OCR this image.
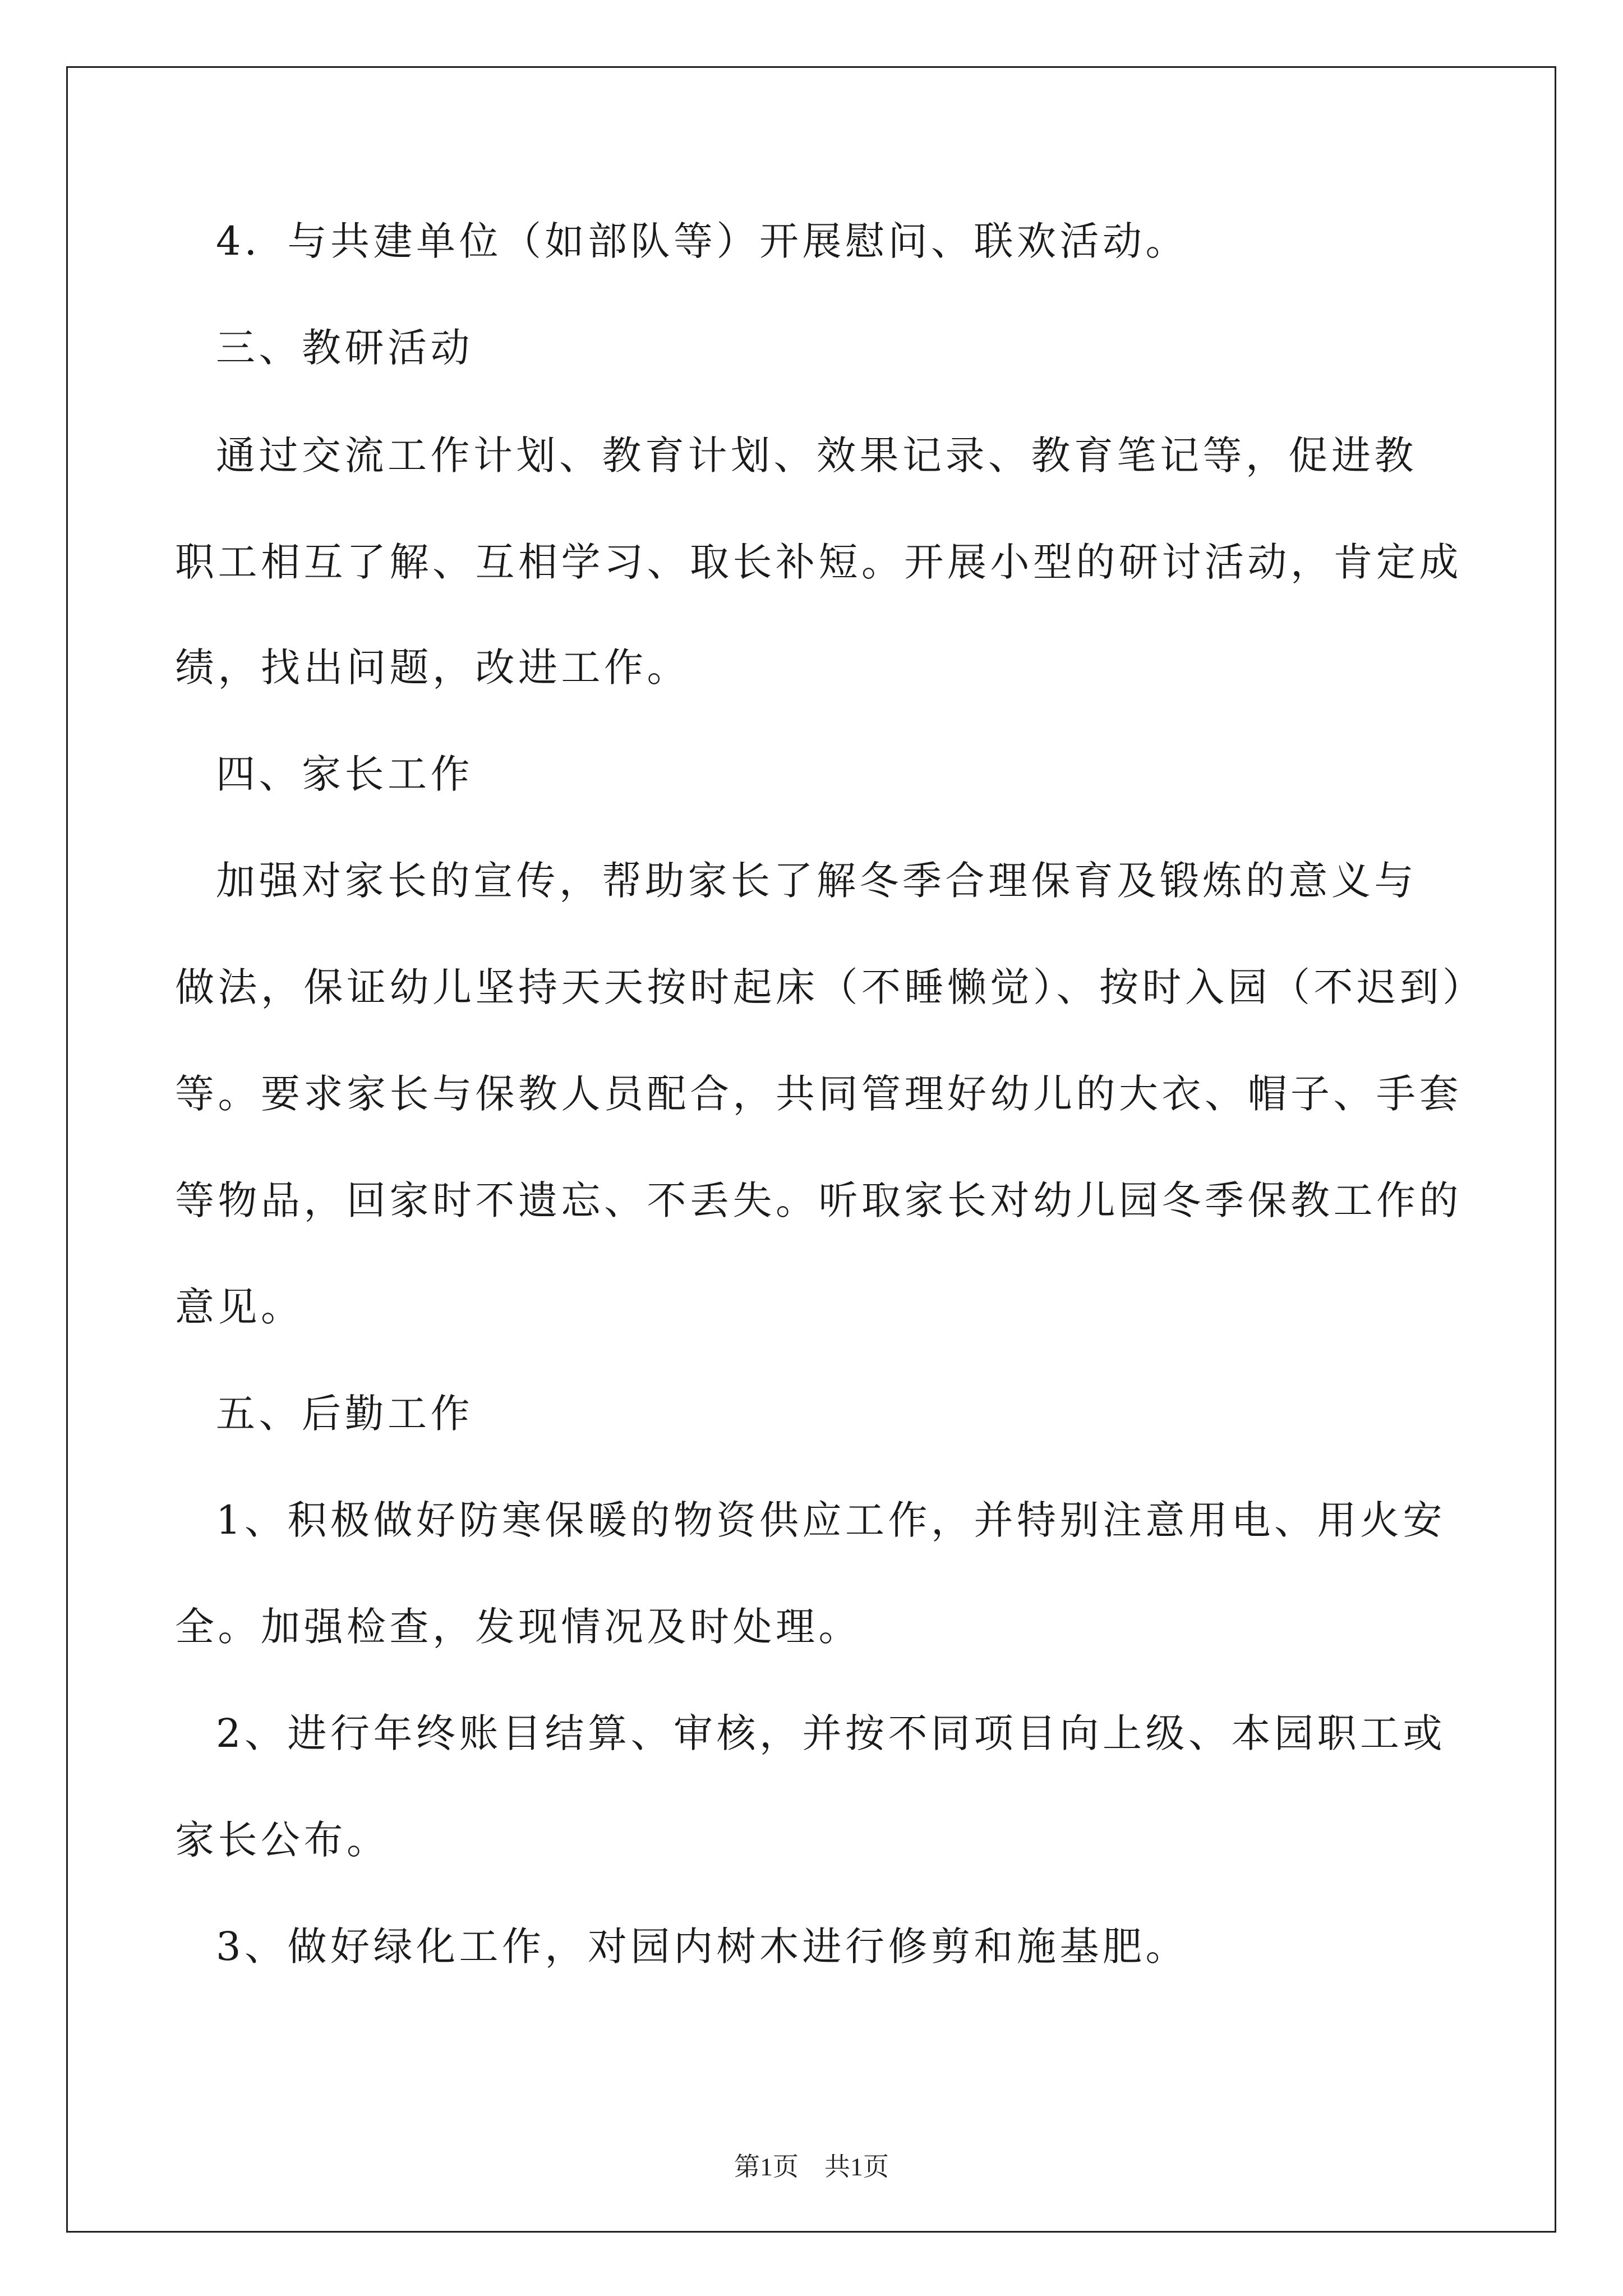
4．与共建单位（如部队等）开展慰问、联欢活动。
三、教研活动
通过交流工作计划、教育计划、效果记录、教育笔记等，促进教
职工相互了解、互相学习、取长补短。开展小型的研讨活动，肯定成
绩，找出问题，改进工作。
四、家长工作
加强对家长的宣传，帮助家长了解冬季合理保育及锻炼的意义与
做法，保证幼儿坚持天天按时起床（不睡懒觉）、按时入园（不迟到）
等。要求家长与保教人员配合，共同管理好幼儿的大衣、帽子、手套
等物品，回家时不遗忘、不丢失。听取家长对幼儿园冬季保教工作的
意见。
五、后勤工作
1、积极做好防寒保暖的物资供应工作，并特别注意用电、用火安
全。加强检查，发现情况及时处理。
2、进行年终账目结算、审核，并按不同项目向上级、本园职工或
家长公布。
3、做好绿化工作，对园内树木进行修剪和施基肥。
第1页　共1页
